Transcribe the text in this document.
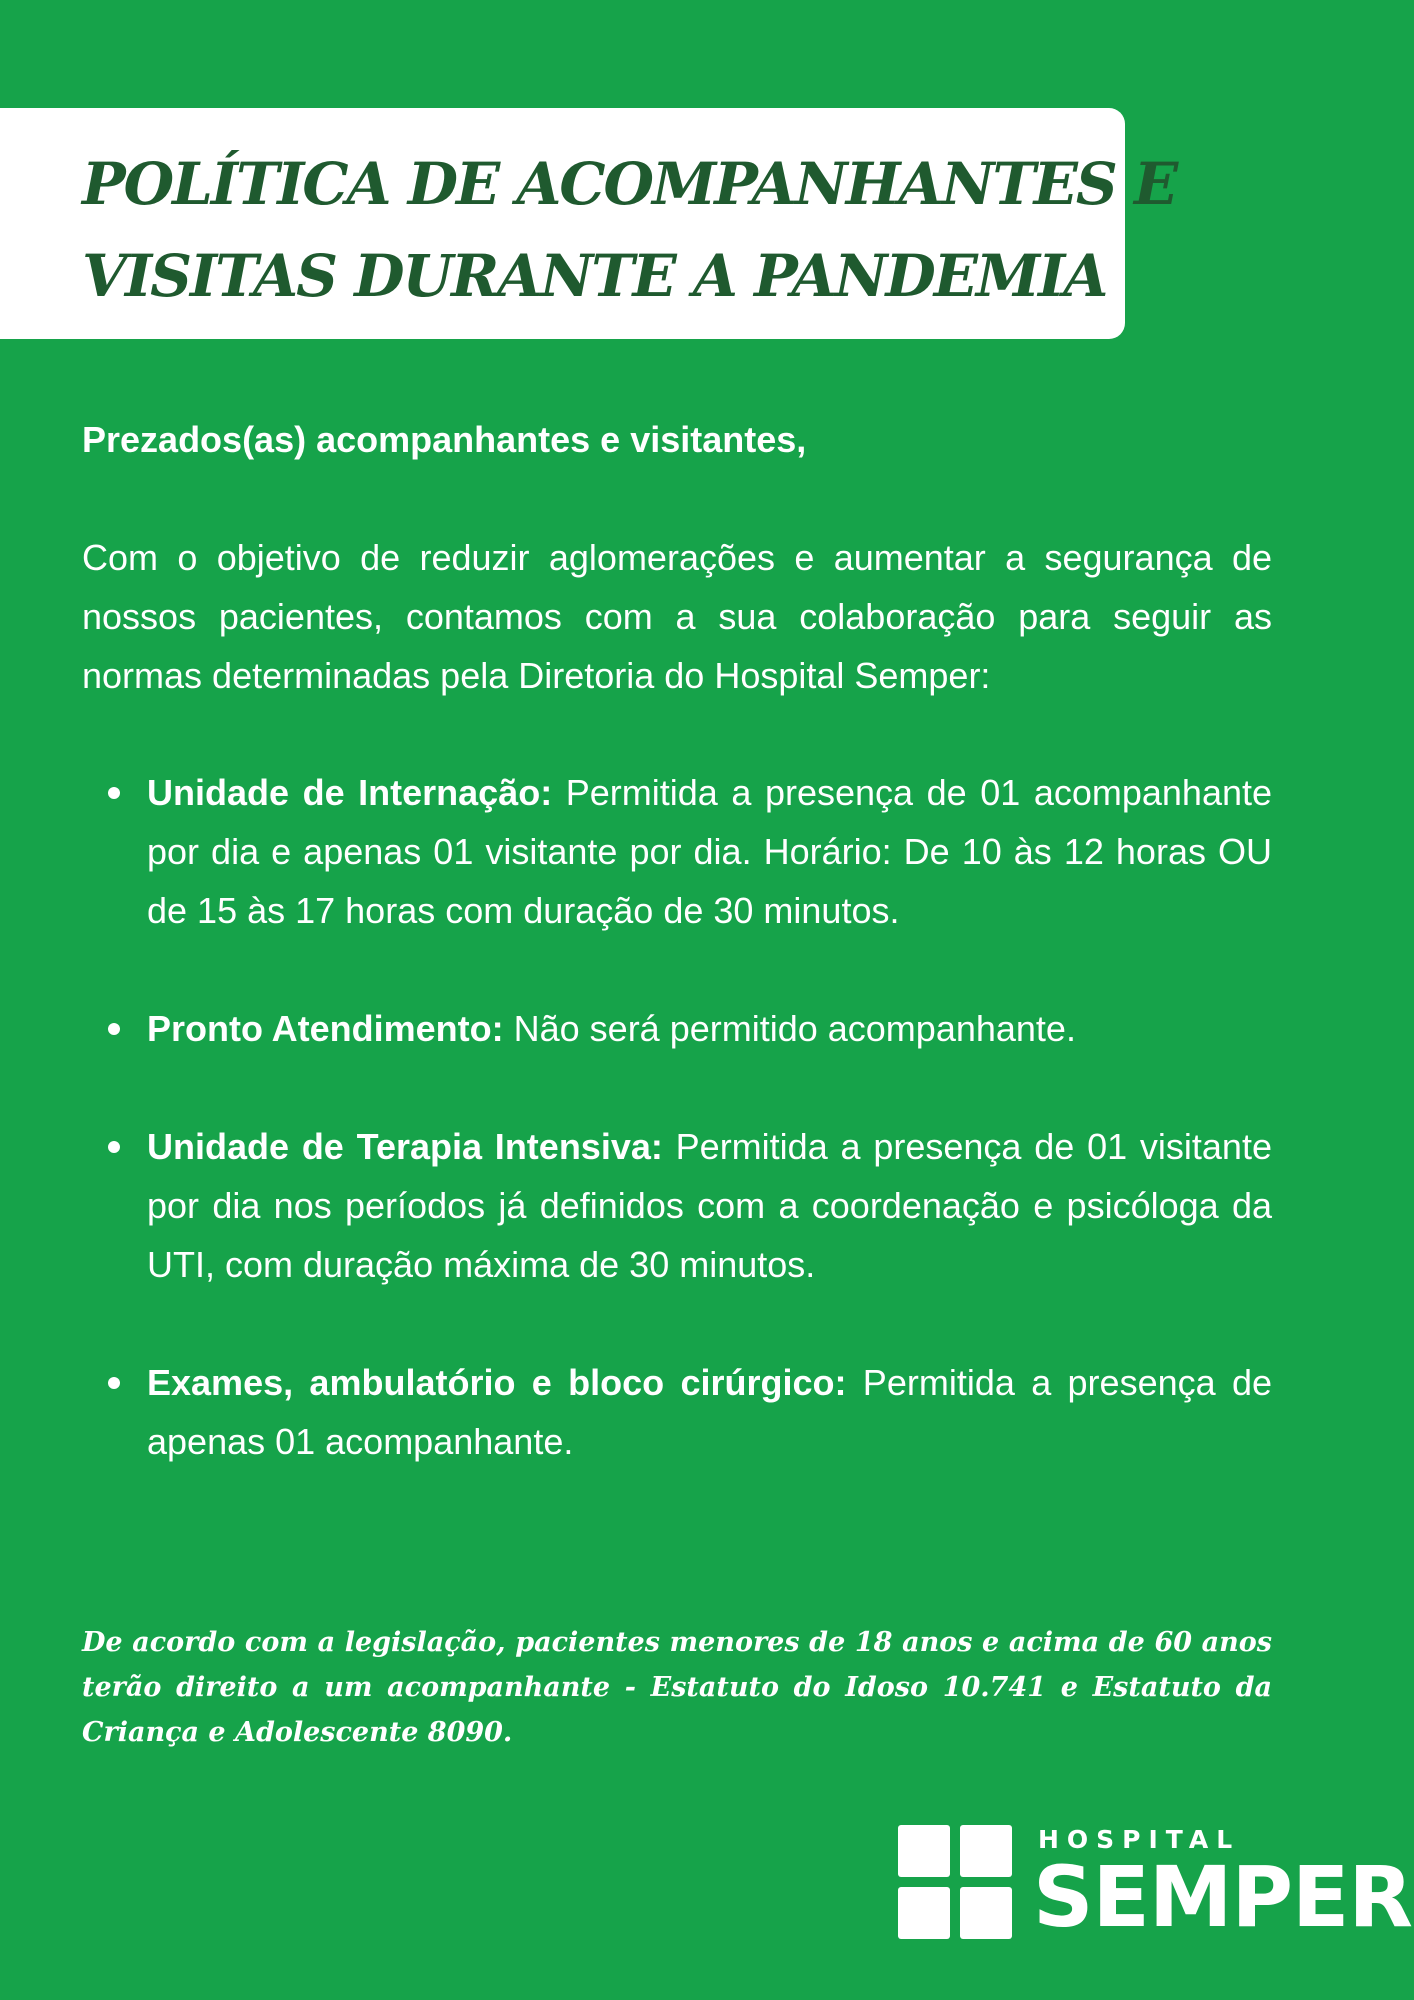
POLÍTICA DE ACOMPANHANTES E
VISITAS DURANTE A PANDEMIA

Prezados(as) acompanhantes e visitantes,

Com o objetivo de reduzir aglomerações e aumentar a segurança de nossos pacientes, contamos com a sua colaboração para seguir as normas determinadas pela Diretoria do Hospital Semper:

Unidade de Internação: Permitida a presença de 01 acompanhante por dia e apenas 01 visitante por dia. Horário: De 10 às 12 horas OU de 15 às 17 horas com duração de 30 minutos.
Pronto Atendimento: Não será permitido acompanhante.
Unidade de Terapia Intensiva: Permitida a presença de 01 visitante por dia nos períodos já definidos com a coordenação e psicóloga da UTI, com duração máxima de 30 minutos.
Exames, ambulatório e bloco cirúrgico: Permitida a presença de apenas 01 acompanhante.

De acordo com a legislação, pacientes menores de 18 anos e acima de 60 anos terão direito a um acompanhante - Estatuto do Idoso 10.741 e Estatuto da Criança e Adolescente 8090.

HOSPITAL
SEMPER
